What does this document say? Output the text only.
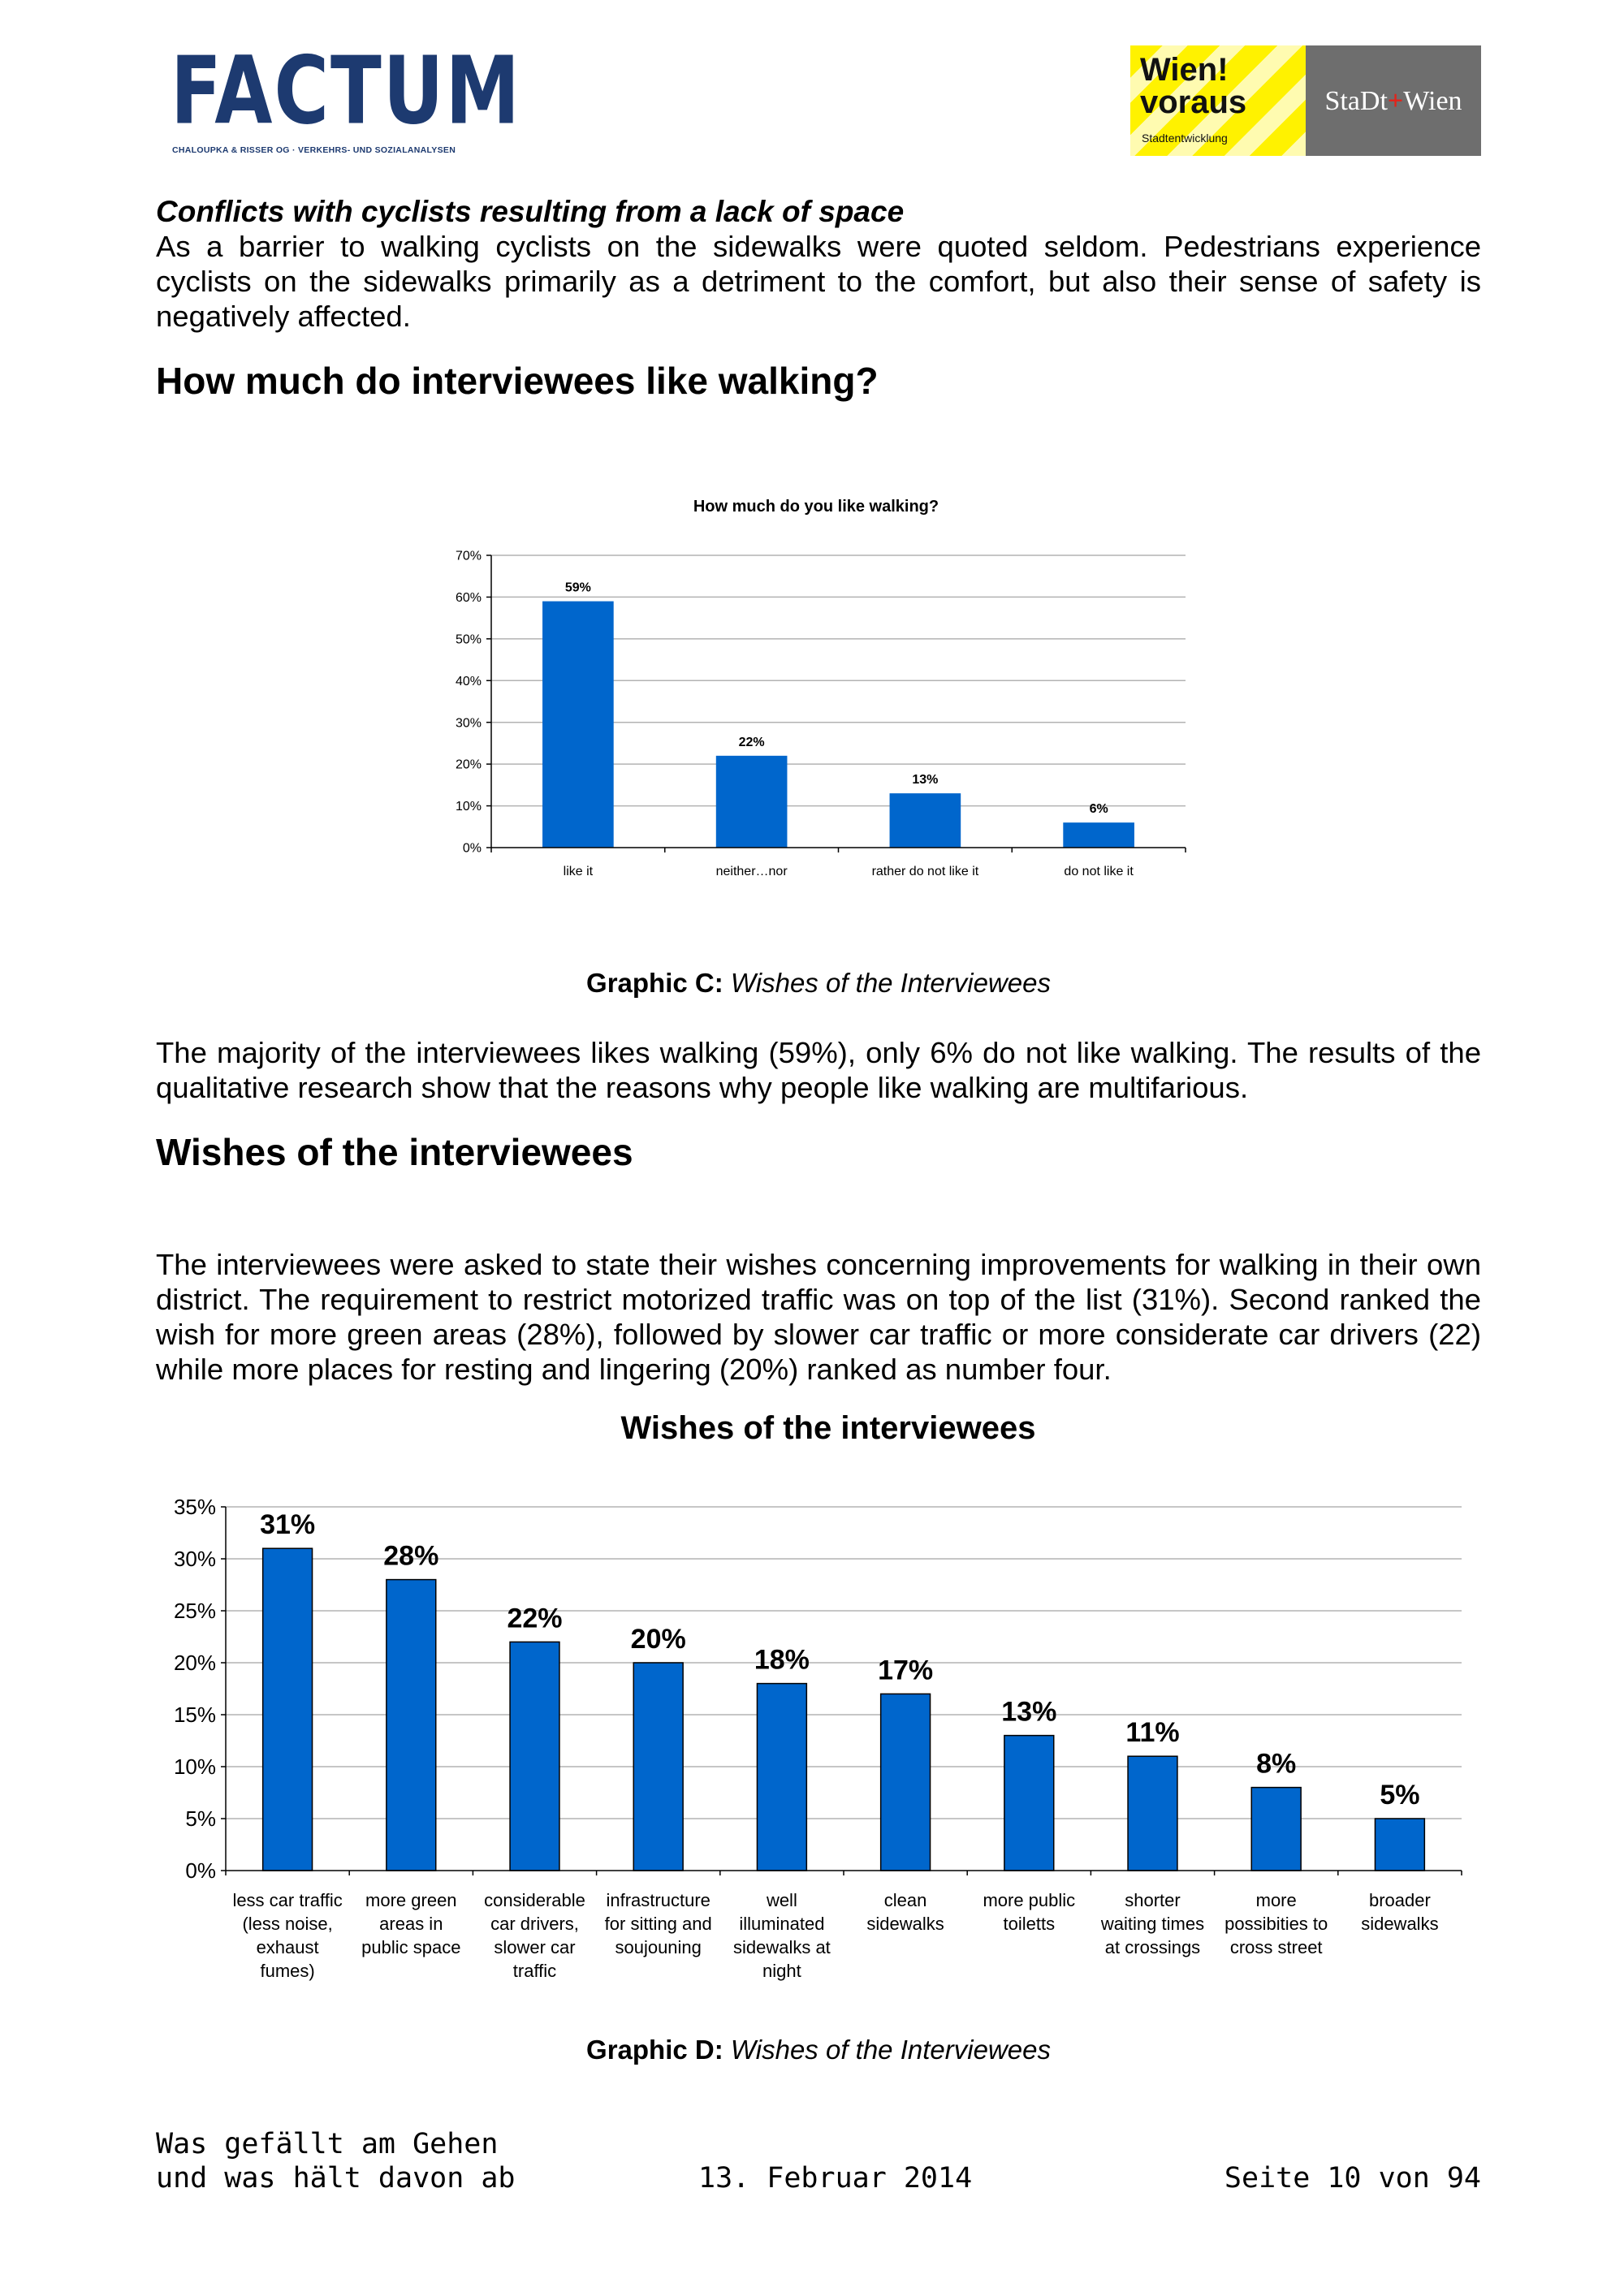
FACTUM
CHALOUPKA & RISSER OG · VERKEHRS- UND SOZIALANALYSEN
Wien!
voraus
Stadtentwicklung
StaDt+Wien
Conflicts with cyclists resulting from a lack of space
As a barrier to walking cyclists on the sidewalks were quoted seldom. Pedestrians experience cyclists on the sidewalks primarily as a detriment to the comfort, but also their sense of safety is negatively affected.
How much do interviewees like walking?
How much do you like walking?
0%
10%
20%
30%
40%
50%
60%
70%
59%
22%
13%
6%
like it	neither…nor	rather do not like it	do not like it
Graphic C: Wishes of the Interviewees
The majority of the interviewees likes walking (59%), only 6% do not like walking. The results of the qualitative research show that the reasons why people like walking are multifarious.
Wishes of the interviewees
The interviewees were asked to state their wishes concerning improvements for walking in their own district. The requirement to restrict motorized traffic was on top of the list (31%). Second ranked the wish for more green areas (28%), followed by slower car traffic or more considerate car drivers (22) while more places for resting and lingering (20%) ranked as number four.
Wishes of the interviewees
0%
5%
10%
15%
20%
25%
30%
35%
31%
28%
22%
20%
18% 17%
13%
11%
8%
5%
less car traffic (less noise, exhaust fumes)
more green areas in public space
considerable car drivers, slower car traffic
infrastructure for sitting and soujouning
well illuminated sidewalks at night
clean sidewalks
more public toiletts
shorter waiting times at crossings
more possibities to cross street
broader sidewalks
Graphic D: Wishes of the Interviewees
Was gefällt am Gehen
und was hält davon ab	13. Februar 2014	Seite 10 von 94
